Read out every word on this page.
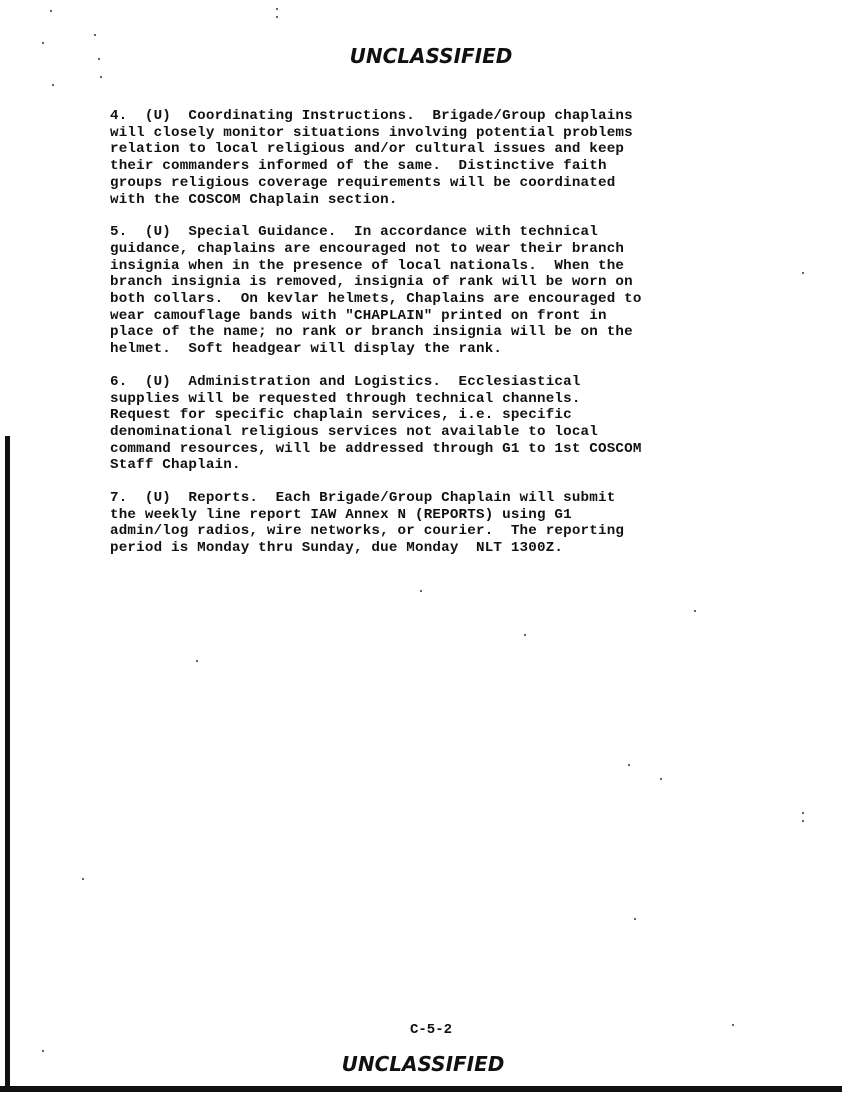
UNCLASSIFIED

4.  (U)  Coordinating Instructions.  Brigade/Group chaplains
will closely monitor situations involving potential problems
relation to local religious and/or cultural issues and keep
their commanders informed of the same.  Distinctive faith
groups religious coverage requirements will be coordinated
with the COSCOM Chaplain section.

5.  (U)  Special Guidance.  In accordance with technical
guidance, chaplains are encouraged not to wear their branch
insignia when in the presence of local nationals.  When the
branch insignia is removed, insignia of rank will be worn on
both collars.  On kevlar helmets, Chaplains are encouraged to
wear camouflage bands with "CHAPLAIN" printed on front in
place of the name; no rank or branch insignia will be on the
helmet.  Soft headgear will display the rank.

6.  (U)  Administration and Logistics.  Ecclesiastical
supplies will be requested through technical channels.
Request for specific chaplain services, i.e. specific
denominational religious services not available to local
command resources, will be addressed through G1 to 1st COSCOM
Staff Chaplain.

7.  (U)  Reports.  Each Brigade/Group Chaplain will submit
the weekly line report IAW Annex N (REPORTS) using G1
admin/log radios, wire networks, or courier.  The reporting
period is Monday thru Sunday, due Monday  NLT 1300Z.

C-5-2
UNCLASSIFIED
